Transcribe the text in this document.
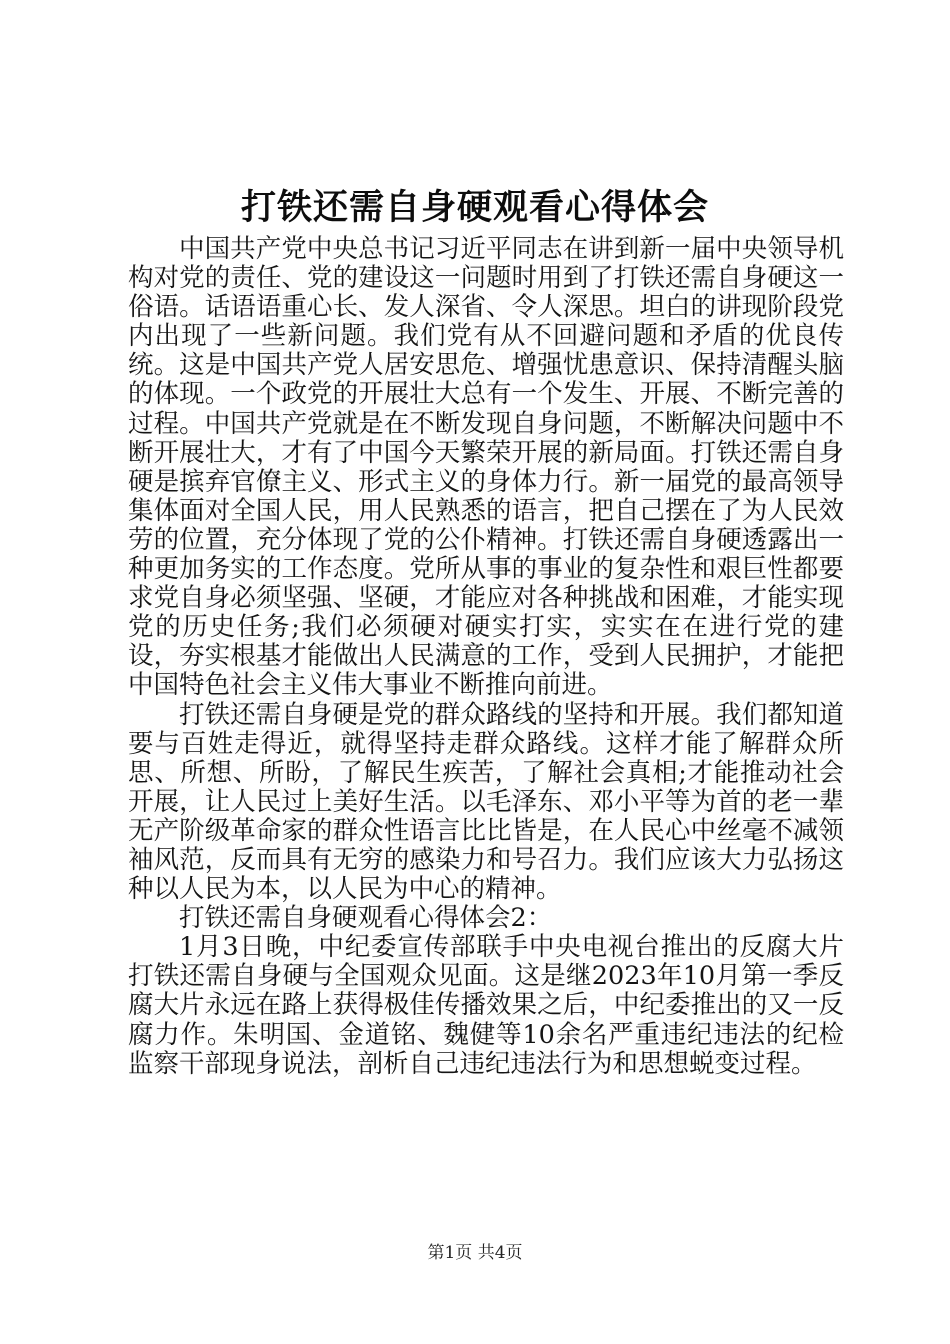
打铁还需自身硬观看心得体会

中国共产党中央总书记习近平同志在讲到新一届中央领导机构对党的责任、党的建设这一问题时用到了打铁还需自身硬这一俗语。话语语重心长、发人深省、令人深思。坦白的讲现阶段党内出现了一些新问题。我们党有从不回避问题和矛盾的优良传统。这是中国共产党人居安思危、增强忧患意识、保持清醒头脑的体现。一个政党的开展壮大总有一个发生、开展、不断完善的过程。中国共产党就是在不断发现自身问题，不断解决问题中不断开展壮大，才有了中国今天繁荣开展的新局面。打铁还需自身硬是摈弃官僚主义、形式主义的身体力行。新一届党的最高领导集体面对全国人民，用人民熟悉的语言，把自己摆在了为人民效劳的位置，充分体现了党的公仆精神。打铁还需自身硬透露出一种更加务实的工作态度。党所从事的事业的复杂性和艰巨性都要求党自身必须坚强、坚硬，才能应对各种挑战和困难，才能实现党的历史任务;我们必须硬对硬实打实，实实在在进行党的建设，夯实根基才能做出人民满意的工作，受到人民拥护，才能把中国特色社会主义伟大事业不断推向前进。

打铁还需自身硬是党的群众路线的坚持和开展。我们都知道要与百姓走得近，就得坚持走群众路线。这样才能了解群众所思、所想、所盼，了解民生疾苦，了解社会真相;才能推动社会开展，让人民过上美好生活。以毛泽东、邓小平等为首的老一辈无产阶级革命家的群众性语言比比皆是，在人民心中丝毫不减领袖风范，反而具有无穷的感染力和号召力。我们应该大力弘扬这种以人民为本，以人民为中心的精神。

打铁还需自身硬观看心得体会2：

1月3日晚，中纪委宣传部联手中央电视台推出的反腐大片打铁还需自身硬与全国观众见面。这是继2023年10月第一季反腐大片永远在路上获得极佳传播效果之后，中纪委推出的又一反腐力作。朱明国、金道铭、魏健等10余名严重违纪违法的纪检监察干部现身说法，剖析自己违纪违法行为和思想蜕变过程。

第1页 共4页
